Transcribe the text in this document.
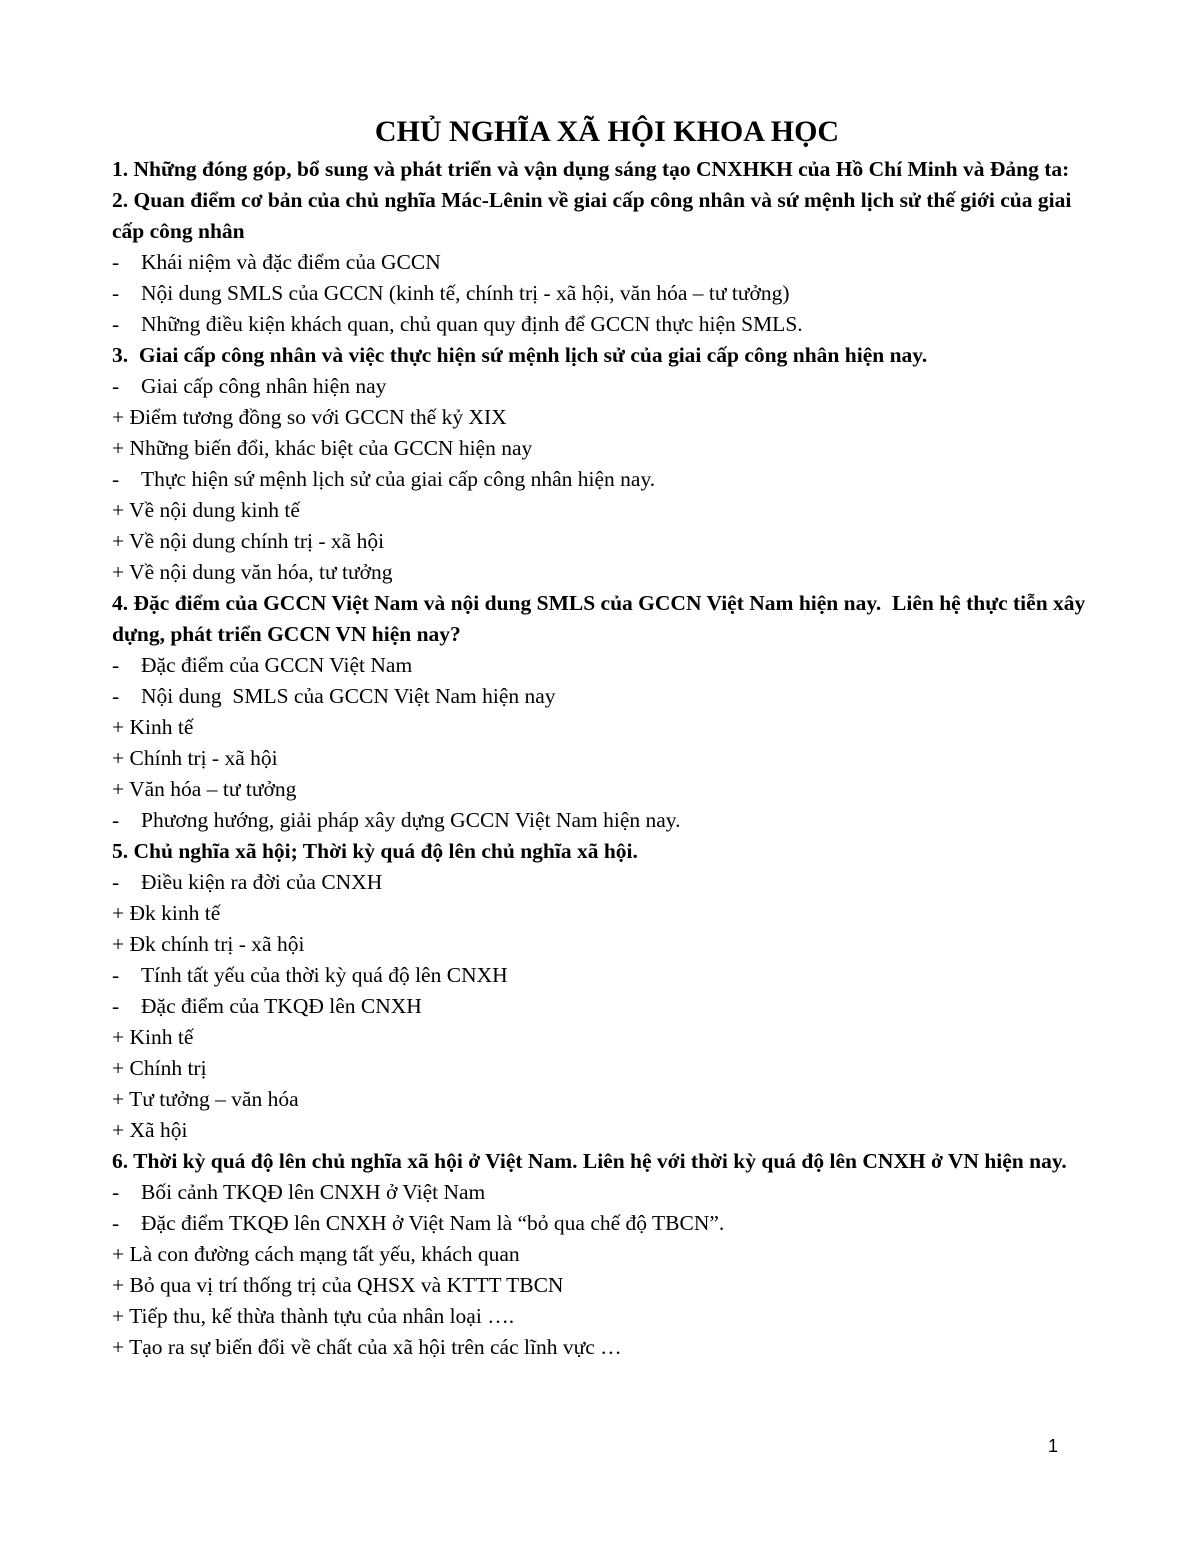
CHỦ NGHĨA XÃ HỘI KHOA HỌC
1. Những đóng góp, bổ sung và phát triển và vận dụng sáng tạo CNXHKH của Hồ Chí Minh và Đảng ta:
2. Quan điểm cơ bản của chủ nghĩa Mác-Lênin về giai cấp công nhân và sứ mệnh lịch sử thế giới của giai cấp công nhân
-	Khái niệm và đặc điểm của GCCN
-	Nội dung SMLS của GCCN (kinh tế, chính trị - xã hội, văn hóa – tư tưởng)
-	Những điều kiện khách quan, chủ quan quy định để GCCN thực hiện SMLS.
3.  Giai cấp công nhân và việc thực hiện sứ mệnh lịch sử của giai cấp công nhân hiện nay.
-	Giai cấp công nhân hiện nay
+ Điểm tương đồng so với GCCN thế kỷ XIX
+ Những biến đổi, khác biệt của GCCN hiện nay
-	Thực hiện sứ mệnh lịch sử của giai cấp công nhân hiện nay.
+ Về nội dung kinh tế
+ Về nội dung chính trị - xã hội
+ Về nội dung văn hóa, tư tưởng
4. Đặc điểm của GCCN Việt Nam và nội dung SMLS của GCCN Việt Nam hiện nay.  Liên hệ thực tiễn xây dựng, phát triển GCCN VN hiện nay?
-	Đặc điểm của GCCN Việt Nam
-	Nội dung  SMLS của GCCN Việt Nam hiện nay
+ Kinh tế
+ Chính trị - xã hội
+ Văn hóa – tư tưởng
-	Phương hướng, giải pháp xây dựng GCCN Việt Nam hiện nay.
5. Chủ nghĩa xã hội; Thời kỳ quá độ lên chủ nghĩa xã hội.
-	Điều kiện ra đời của CNXH
+ Đk kinh tế
+ Đk chính trị - xã hội
-	Tính tất yếu của thời kỳ quá độ lên CNXH
-	Đặc điểm của TKQĐ lên CNXH
+ Kinh tế
+ Chính trị
+ Tư tưởng – văn hóa
+ Xã hội
6. Thời kỳ quá độ lên chủ nghĩa xã hội ở Việt Nam. Liên hệ với thời kỳ quá độ lên CNXH ở VN hiện nay.
-	Bối cảnh TKQĐ lên CNXH ở Việt Nam
-	Đặc điểm TKQĐ lên CNXH ở Việt Nam là “bỏ qua chế độ TBCN”.
+ Là con đường cách mạng tất yếu, khách quan
+ Bỏ qua vị trí thống trị của QHSX và KTTT TBCN
+ Tiếp thu, kế thừa thành tựu của nhân loại ….
+ Tạo ra sự biến đổi về chất của xã hội trên các lĩnh vực …
1
